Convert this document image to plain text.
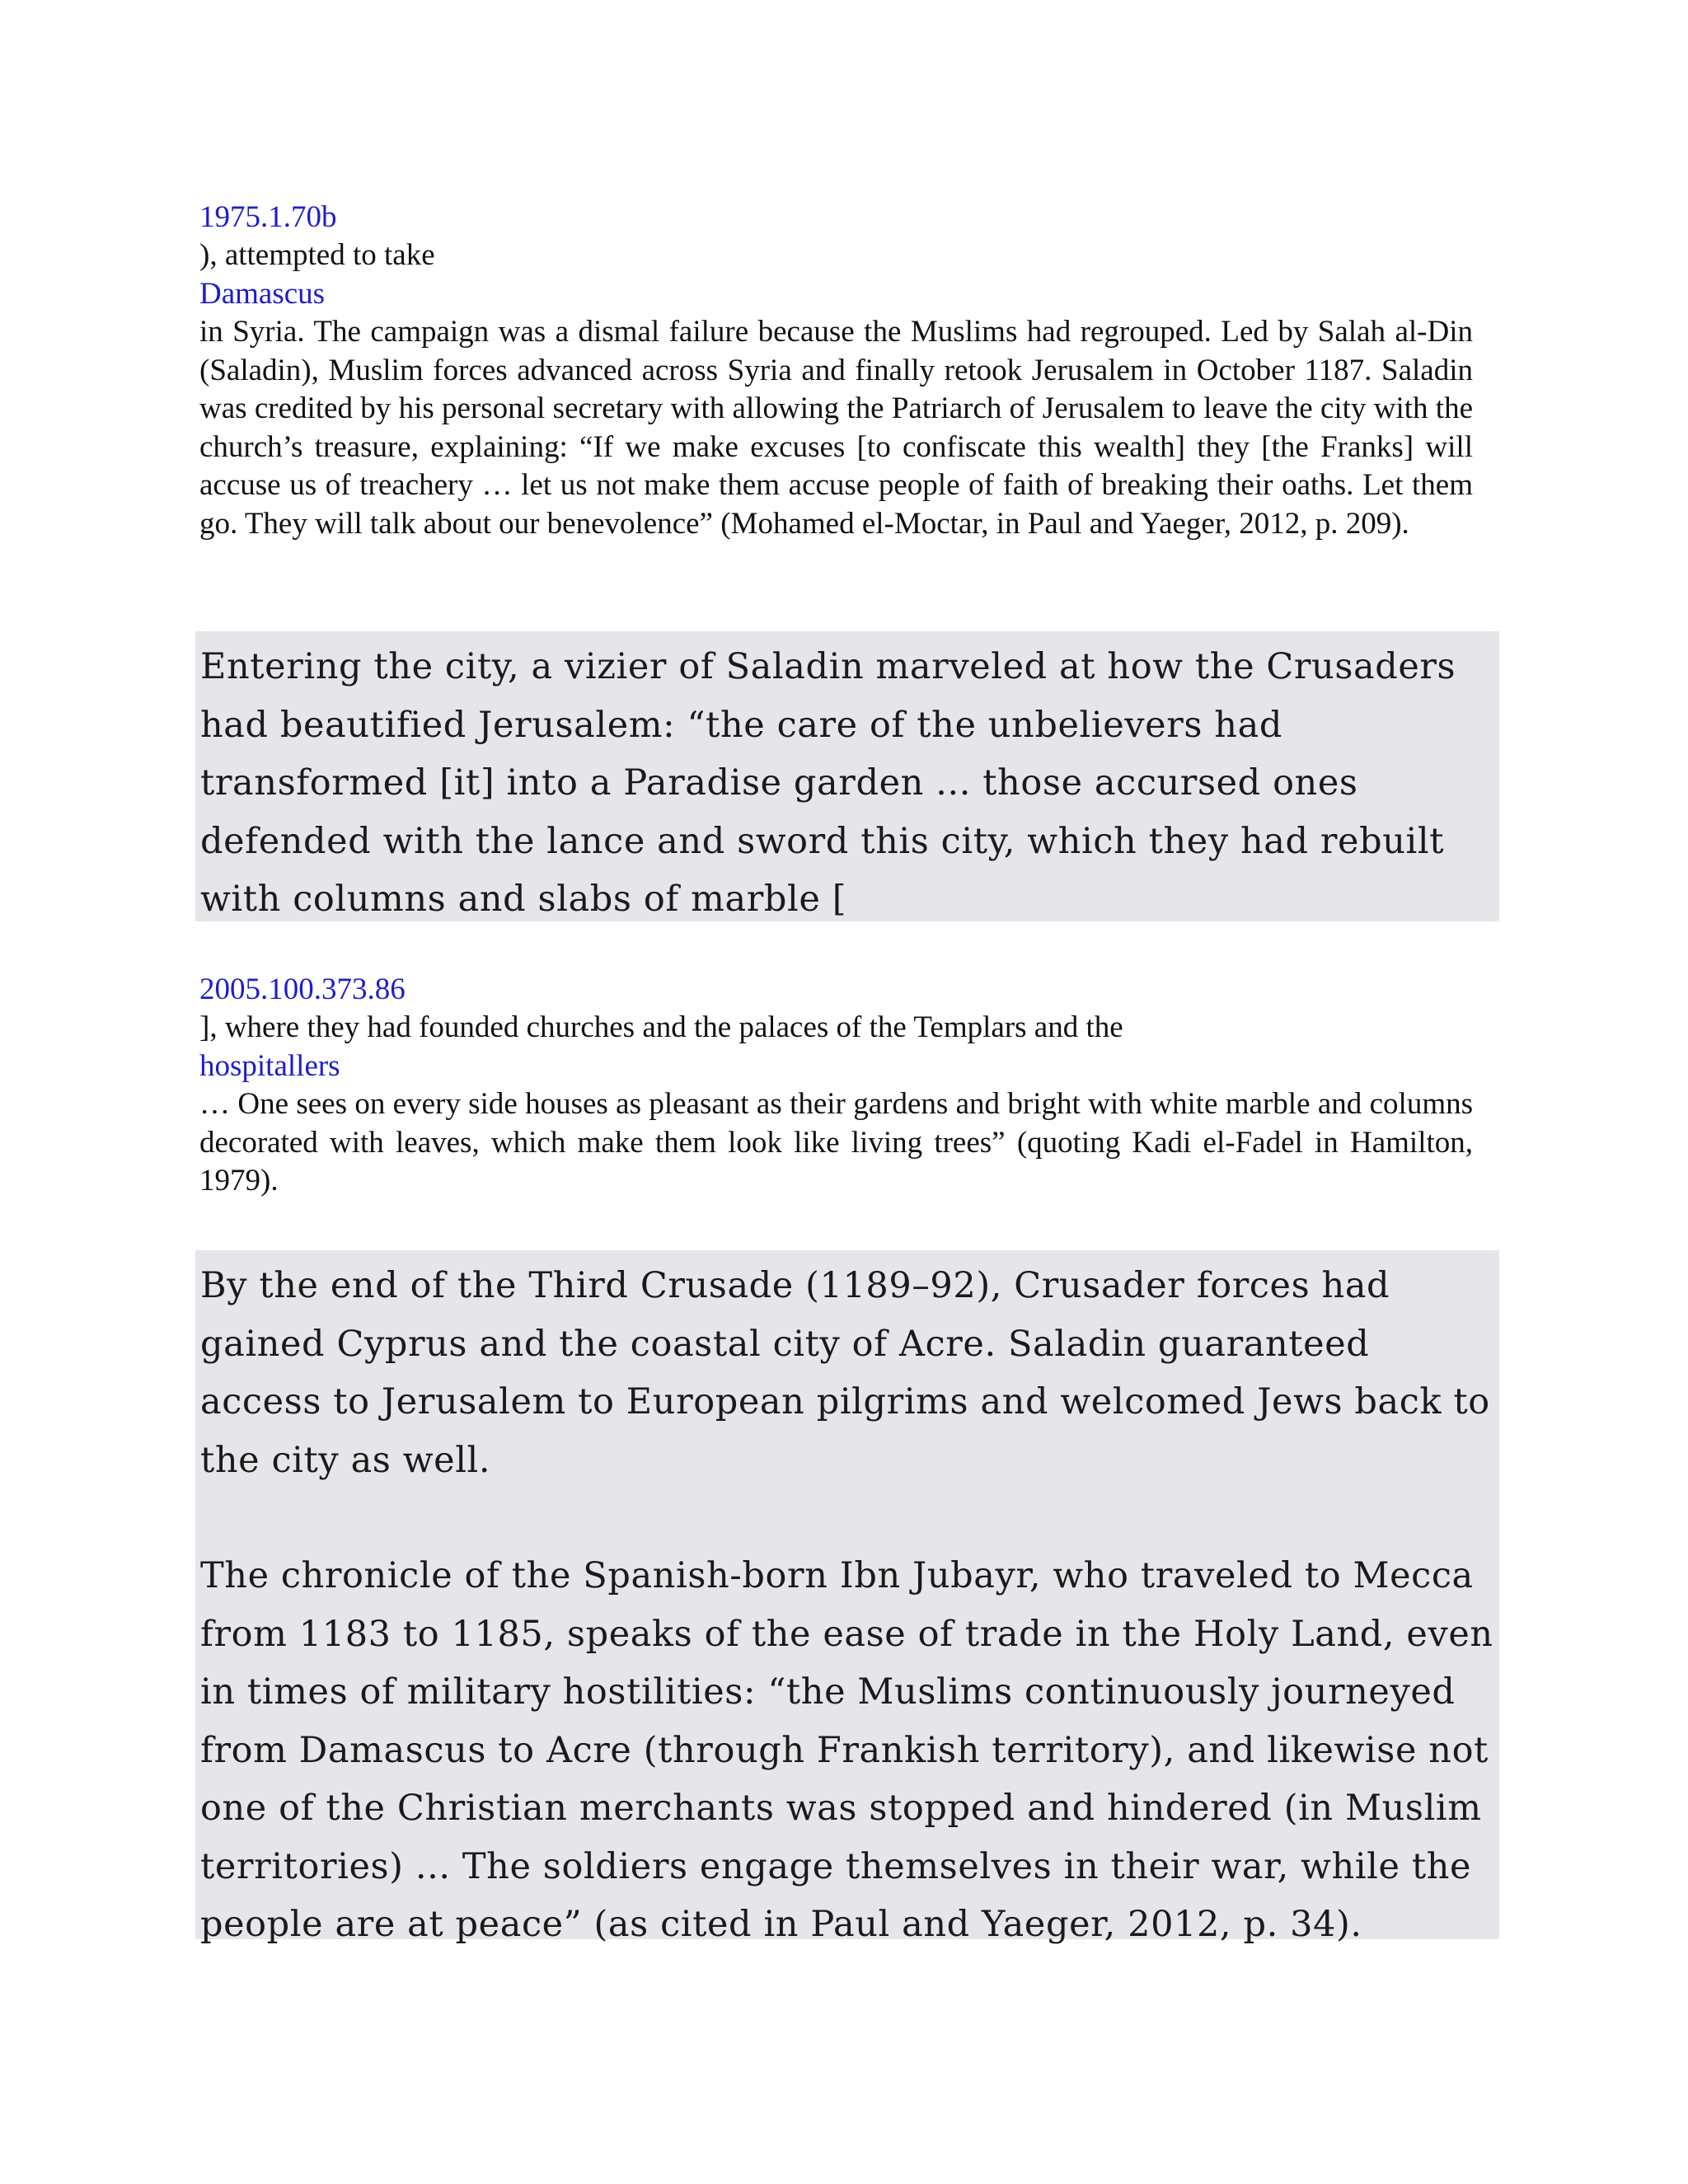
1975.1.70b
), attempted to take
Damascus

in Syria. The campaign was a dismal failure because the Muslims had regrouped. Led by Salah al-Din (Saladin), Muslim forces advanced across Syria and finally retook Jerusalem in October 1187. Saladin was credited by his personal secretary with allowing the Patriarch of Jerusalem to leave the city with the church’s treasure, explaining: “If we make excuses [to confiscate this wealth] they [the Franks] will accuse us of treachery … let us not make them accuse people of faith of breaking their oaths. Let them go. They will talk about our benevolence” (Mohamed el-Moctar, in Paul and Yaeger, 2012, p. 209).

Entering the city, a vizier of Saladin marveled at how the Crusaders had beautified Jerusalem: “the care of the unbelievers had transformed [it] into a Paradise garden ... those accursed ones defended with the lance and sword this city, which they had rebuilt with columns and slabs of marble [

2005.100.373.86
], where they had founded churches and the palaces of the Templars and the
hospitallers

… One sees on every side houses as pleasant as their gardens and bright with white marble and columns decorated with leaves, which make them look like living trees” (quoting Kadi el-Fadel in Hamilton, 1979).

By the end of the Third Crusade (1189–92), Crusader forces had gained Cyprus and the coastal city of Acre. Saladin guaranteed access to Jerusalem to European pilgrims and welcomed Jews back to the city as well.

The chronicle of the Spanish-born Ibn Jubayr, who traveled to Mecca from 1183 to 1185, speaks of the ease of trade in the Holy Land, even in times of military hostilities: “the Muslims continuously journeyed from Damascus to Acre (through Frankish territory), and likewise not one of the Christian merchants was stopped and hindered (in Muslim territories) ... The soldiers engage themselves in their war, while the people are at peace” (as cited in Paul and Yaeger, 2012, p. 34).
